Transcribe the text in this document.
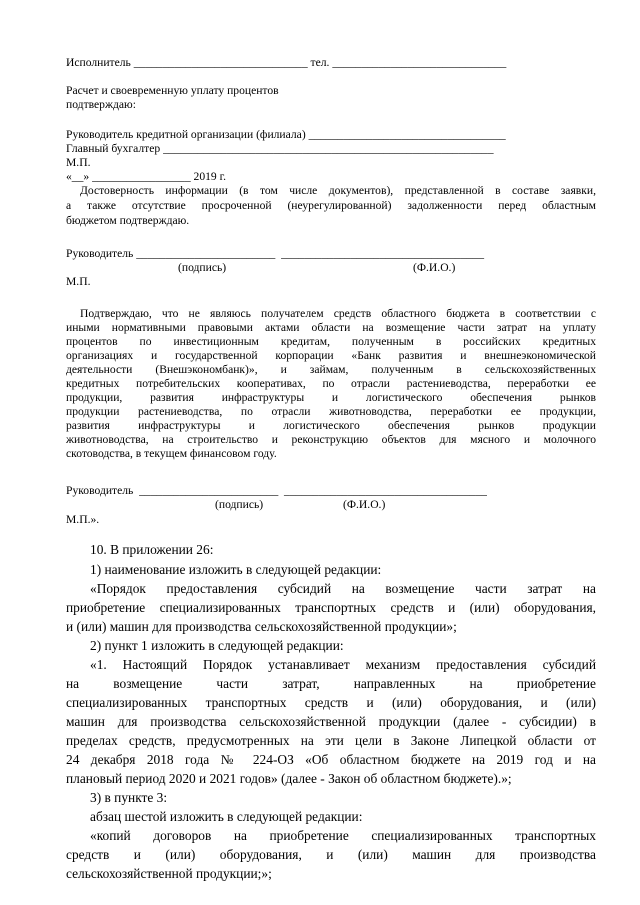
Исполнитель ______________________________ тел. ______________________________
Расчет и своевременную уплату процентов
подтверждаю:
Руководитель кредитной организации (филиала) __________________________________
Главный бухгалтер _________________________________________________________
М.П.
«__» _________________ 2019 г.
Достоверность информации (в том числе документов), представленной в составе заявки,
а также отсутствие просроченной (неурегулированной) задолженности перед областным
бюджетом подтверждаю.
Руководитель ________________________  ___________________________________
(подпись)	(Ф.И.О.)
М.П.
Подтверждаю, что не являюсь получателем средств областного бюджета в соответствии с
иными нормативными правовыми актами области на возмещение части затрат на уплату
процентов по инвестиционным кредитам, полученным в российских кредитных
организациях и государственной корпорации «Банк развития и внешнеэкономической
деятельности (Внешэкономбанк)», и займам, полученным в сельскохозяйственных
кредитных потребительских кооперативах, по отрасли растениеводства, переработки ее
продукции, развития инфраструктуры и логистического обеспечения рынков
продукции растениеводства, по отрасли животноводства, переработки ее продукции,
развития инфраструктуры и логистического обеспечения рынков продукции
животноводства, на строительство и реконструкцию объектов для мясного и молочного
скотоводства, в текущем финансовом году.
Руководитель  ________________________  ___________________________________
(подпись)	(Ф.И.О.)
М.П.».
10. В приложении 26:
1) наименование изложить в следующей редакции:
«Порядок предоставления субсидий на возмещение части затрат на
приобретение специализированных транспортных средств и (или) оборудования,
и (или) машин для производства сельскохозяйственной продукции»;
2) пункт 1 изложить в следующей редакции:
«1. Настоящий Порядок устанавливает механизм предоставления субсидий
на возмещение части затрат, направленных на приобретение
специализированных транспортных средств и (или) оборудования, и (или)
машин для производства сельскохозяйственной продукции (далее - субсидии) в
пределах средств, предусмотренных на эти цели в Законе Липецкой области от
24 декабря 2018 года № 224-ОЗ «Об областном бюджете на 2019 год и на
плановый период 2020 и 2021 годов» (далее - Закон об областном бюджете).»;
3) в пункте 3:
абзац шестой изложить в следующей редакции:
«копий договоров на приобретение специализированных транспортных
средств и (или) оборудования, и (или) машин для производства
сельскохозяйственной продукции;»;
